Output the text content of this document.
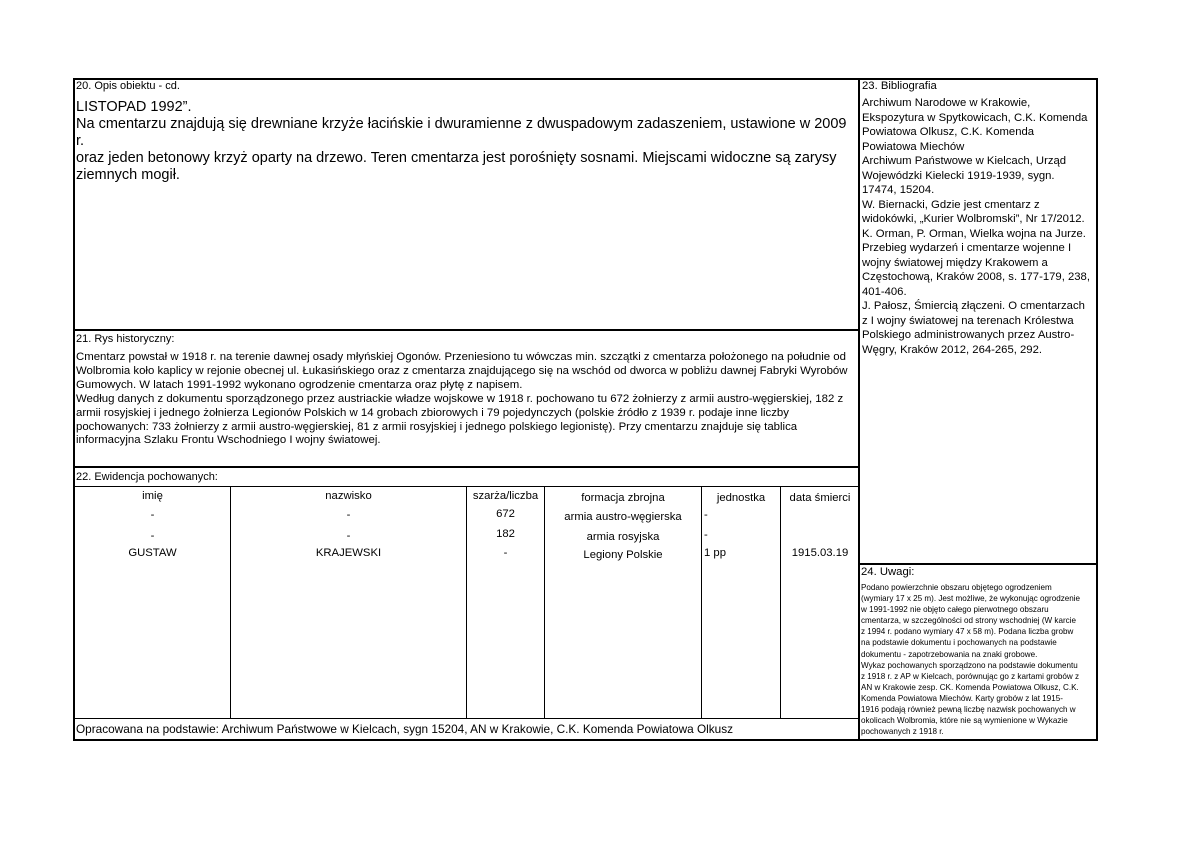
20. Opis obiektu - cd.
LISTOPAD 1992”.
Na cmentarzu znajdują się drewniane krzyże łacińskie i dwuramienne z dwuspadowym zadaszeniem, ustawione w 2009 r.
oraz jeden betonowy krzyż oparty na drzewo. Teren cmentarza jest porośnięty sosnami. Miejscami widoczne są zarysy
ziemnych mogił.
21. Rys historyczny:
Cmentarz powstał w 1918 r. na terenie dawnej osady młyńskiej Ogonów. Przeniesiono tu wówczas min. szczątki z cmentarza położonego na południe od
Wolbromia koło kaplicy w rejonie obecnej ul. Łukasińskiego oraz z cmentarza znajdującego się na wschód od dworca w pobliżu dawnej Fabryki Wyrobów
Gumowych. W latach 1991-1992 wykonano ogrodzenie cmentarza oraz płytę z napisem.
Według danych z dokumentu sporządzonego przez austriackie władze wojskowe w 1918 r. pochowano tu 672 żołnierzy z armii austro-węgierskiej, 182 z
armii rosyjskiej i jednego żołnierza Legionów Polskich w 14 grobach zbiorowych i 79 pojedynczych (polskie źródło z 1939 r. podaje inne liczby
pochowanych: 733 żołnierzy z armii austro-węgierskiej, 81 z armii rosyjskiej i jednego polskiego legionistę). Przy cmentarzu znajduje się tablica
informacyjna Szlaku Frontu Wschodniego I wojny światowej.
22. Ewidencja pochowanych:
imię	nazwisko	szarża/liczba	formacja zbrojna	jednostka	data śmierci
-	-	672	armia austro-węgierska	-
-	-	182	armia rosyjska	-
GUSTAW	KRAJEWSKI	-	Legiony Polskie	1 pp	1915.03.19
Opracowana na podstawie: Archiwum Państwowe w Kielcach, sygn 15204, AN w Krakowie, C.K. Komenda Powiatowa Olkusz
23. Bibliografia
Archiwum Narodowe w Krakowie,
Ekspozytura w Spytkowicach, C.K. Komenda
Powiatowa Olkusz, C.K. Komenda
Powiatowa Miechów
Archiwum Państwowe w Kielcach, Urząd
Wojewódzki Kielecki 1919-1939, sygn.
17474, 15204.
W. Biernacki, Gdzie jest cmentarz z
widokówki, „Kurier Wolbromski”, Nr 17/2012.
K. Orman, P. Orman, Wielka wojna na Jurze.
Przebieg wydarzeń i cmentarze wojenne I
wojny światowej między Krakowem a
Częstochową, Kraków 2008, s. 177-179, 238,
401-406.
J. Pałosz, Śmiercią złączeni. O cmentarzach
z I wojny światowej na terenach Królestwa
Polskiego administrowanych przez Austro-
Węgry, Kraków 2012, 264-265, 292.
24. Uwagi:
Podano powierzchnie obszaru objętego ogrodzeniem
(wymiary 17 x 25 m). Jest możliwe, że wykonując ogrodzenie
w 1991-1992 nie objęto całego pierwotnego obszaru
cmentarza, w szczególności od strony wschodniej (W karcie
z 1994 r. podano wymiary 47 x 58 m). Podana liczba grobw
na podstawie dokumentu i pochowanych na podstawie
dokumentu - zapotrzebowania na znaki grobowe.
Wykaz pochowanych sporządzono na podstawie dokumentu
z 1918 r. z AP w Kielcach, porównując go z kartami grobów z
AN w Krakowie zesp. CK. Komenda Powiatowa Olkusz, C.K.
Komenda Powiatowa Miechów. Karty grobów z lat 1915-
1916 podają również pewną liczbę nazwisk pochowanych w
okolicach Wolbromia, które nie są wymienione w Wykazie
pochowanych z 1918 r.
